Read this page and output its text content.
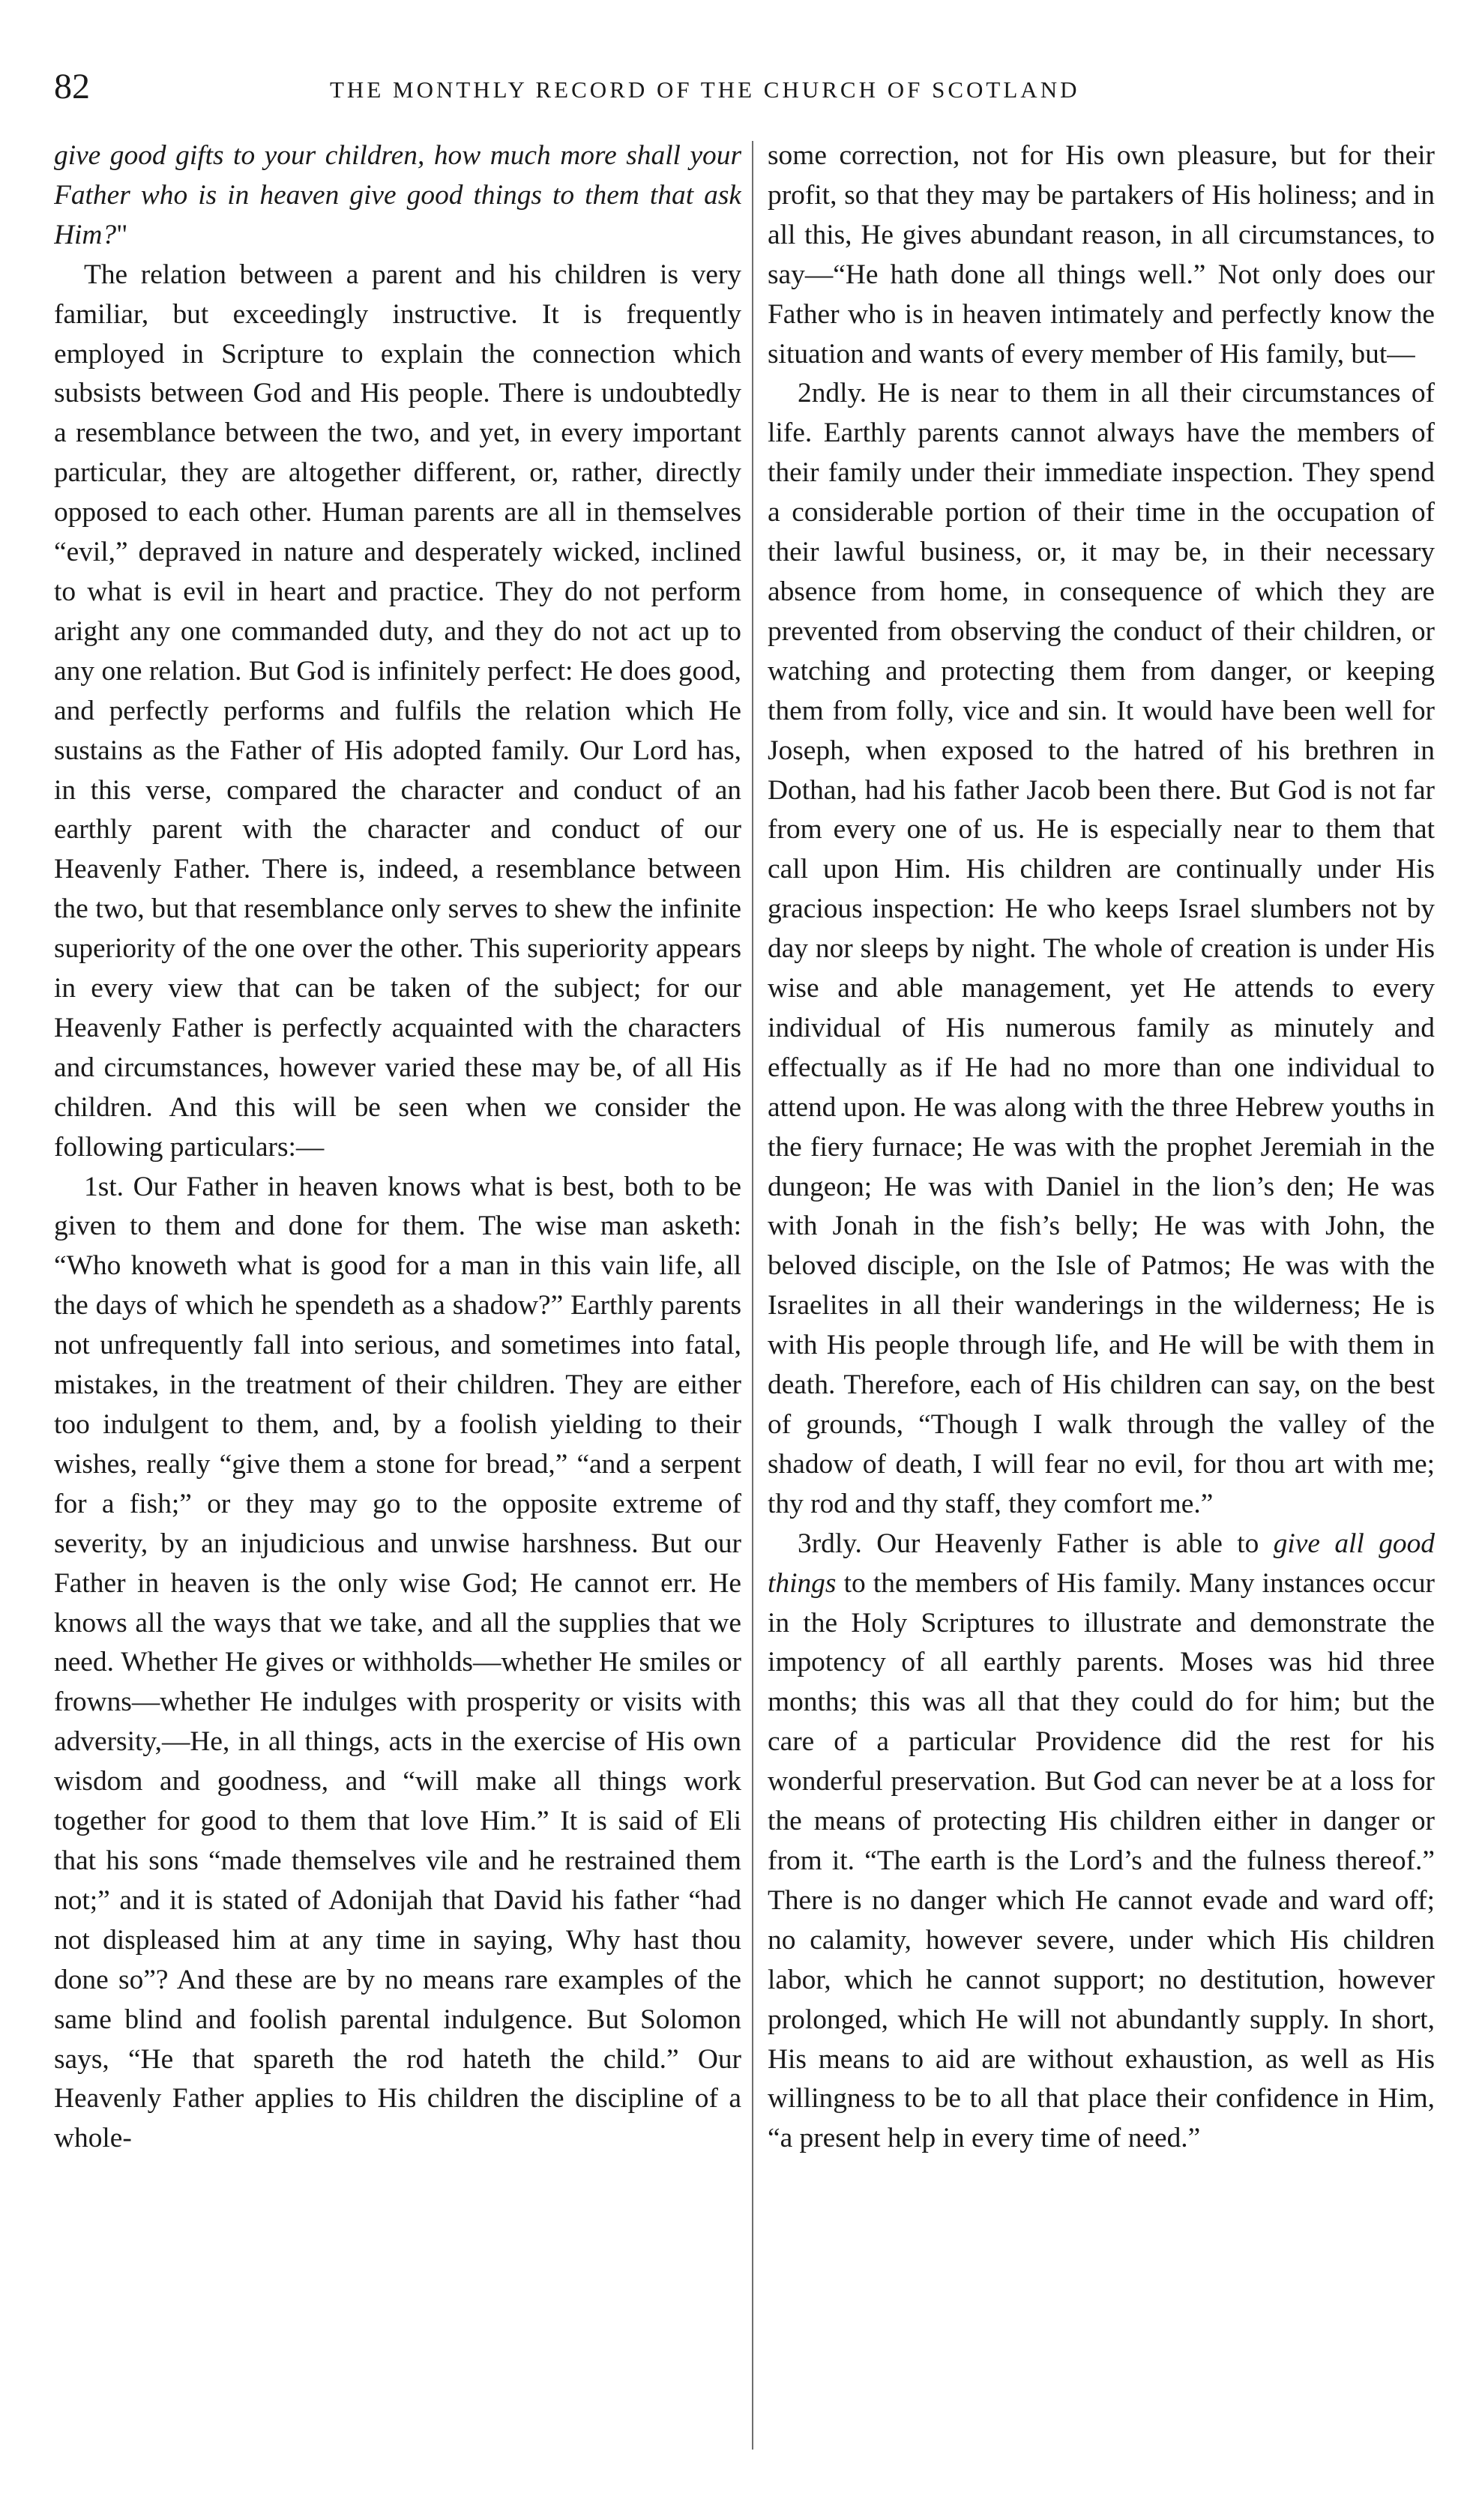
82	THE MONTHLY RECORD OF THE CHURCH OF SCOTLAND

give good gifts to your children, how much more shall your Father who is in heaven give good things to them that ask Him?"

The relation between a parent and his children is very familiar, but exceedingly instructive. It is frequently employed in Scripture to explain the connection which subsists between God and His people. There is undoubtedly a resemblance between the two, and yet, in every important particular, they are altogether different, or, rather, directly opposed to each other. Human parents are all in themselves “evil,” depraved in nature and desperately wicked, inclined to what is evil in heart and practice. They do not perform aright any one commanded duty, and they do not act up to any one relation. But God is infinitely perfect: He does good, and perfectly performs and fulfils the relation which He sustains as the Father of His adopted family. Our Lord has, in this verse, compared the character and conduct of an earthly parent with the character and conduct of our Heavenly Father. There is, indeed, a resemblance between the two, but that resemblance only serves to shew the infinite superiority of the one over the other. This superiority appears in every view that can be taken of the subject; for our Heavenly Father is perfectly acquainted with the characters and circumstances, however varied these may be, of all His children. And this will be seen when we consider the following particulars:—

1st. Our Father in heaven knows what is best, both to be given to them and done for them. The wise man asketh: “Who knoweth what is good for a man in this vain life, all the days of which he spendeth as a shadow?” Earthly parents not unfrequently fall into serious, and sometimes into fatal, mistakes, in the treatment of their children. They are either too indulgent to them, and, by a foolish yielding to their wishes, really “give them a stone for bread,” “and a serpent for a fish;” or they may go to the opposite extreme of severity, by an injudicious and unwise harshness. But our Father in heaven is the only wise God; He cannot err. He knows all the ways that we take, and all the supplies that we need. Whether He gives or withholds—whether He smiles or frowns—whether He indulges with prosperity or visits with adversity,—He, in all things, acts in the exercise of His own wisdom and goodness, and “will make all things work together for good to them that love Him.” It is said of Eli that his sons “made themselves vile and he restrained them not;” and it is stated of Adonijah that David his father “had not displeased him at any time in saying, Why hast thou done so”? And these are by no means rare examples of the same blind and foolish parental indulgence. But Solomon says, “He that spareth the rod hateth the child.” Our Heavenly Father applies to His children the discipline of a whole-

some correction, not for His own pleasure, but for their profit, so that they may be partakers of His holiness; and in all this, He gives abundant reason, in all circumstances, to say—“He hath done all things well.” Not only does our Father who is in heaven intimately and perfectly know the situation and wants of every member of His family, but—

2ndly. He is near to them in all their circumstances of life. Earthly parents cannot always have the members of their family under their immediate inspection. They spend a considerable portion of their time in the occupation of their lawful business, or, it may be, in their necessary absence from home, in consequence of which they are prevented from observing the conduct of their children, or watching and protecting them from danger, or keeping them from folly, vice and sin. It would have been well for Joseph, when exposed to the hatred of his brethren in Dothan, had his father Jacob been there. But God is not far from every one of us. He is especially near to them that call upon Him. His children are continually under His gracious inspection: He who keeps Israel slumbers not by day nor sleeps by night. The whole of creation is under His wise and able management, yet He attends to every individual of His numerous family as minutely and effectually as if He had no more than one individual to attend upon. He was along with the three Hebrew youths in the fiery furnace; He was with the prophet Jeremiah in the dungeon; He was with Daniel in the lion’s den; He was with Jonah in the fish’s belly; He was with John, the beloved disciple, on the Isle of Patmos; He was with the Israelites in all their wanderings in the wilderness; He is with His people through life, and He will be with them in death. Therefore, each of His children can say, on the best of grounds, “Though I walk through the valley of the shadow of death, I will fear no evil, for thou art with me; thy rod and thy staff, they comfort me.”

3rdly. Our Heavenly Father is able to give all good things to the members of His family. Many instances occur in the Holy Scriptures to illustrate and demonstrate the impotency of all earthly parents. Moses was hid three months; this was all that they could do for him; but the care of a particular Providence did the rest for his wonderful preservation. But God can never be at a loss for the means of protecting His children either in danger or from it. “The earth is the Lord’s and the fulness thereof.” There is no danger which He cannot evade and ward off; no calamity, however severe, under which His children labor, which he cannot support; no destitution, however prolonged, which He will not abundantly supply. In short, His means to aid are without exhaustion, as well as His willingness to be to all that place their confidence in Him, “a present help in every time of need.”
